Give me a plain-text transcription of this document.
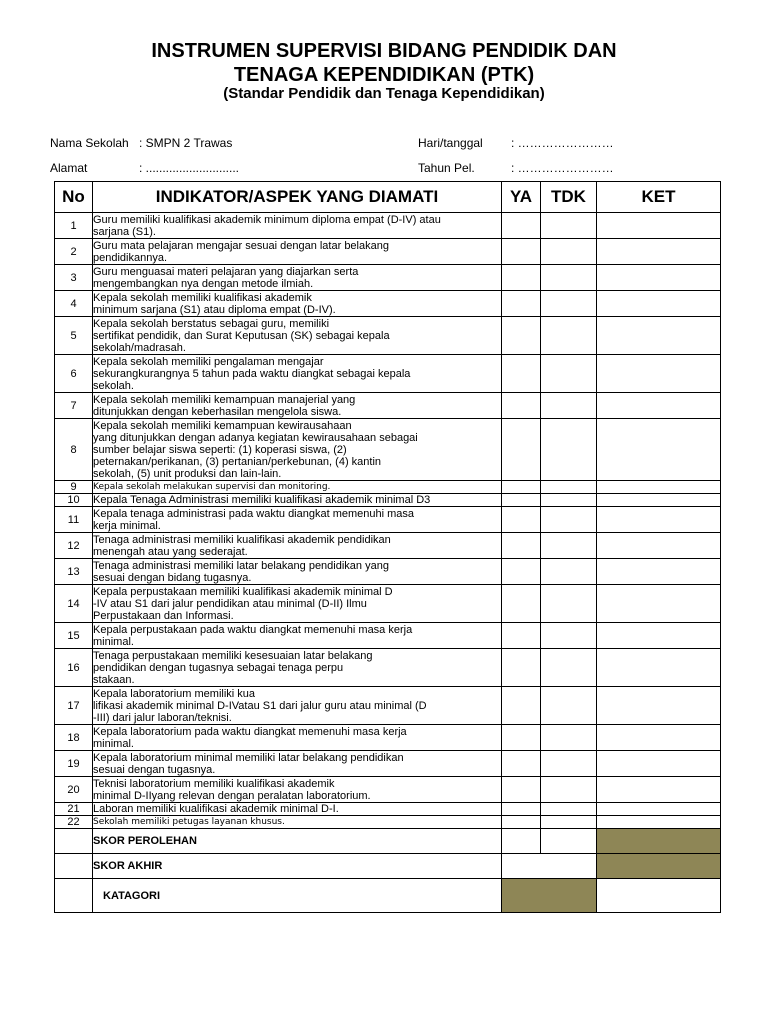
INSTRUMEN SUPERVISI BIDANG PENDIDIK DAN
TENAGA KEPENDIDIKAN (PTK)
(Standar Pendidik dan Tenaga Kependidikan)
Nama Sekolah : SMPN 2 Trawas	Hari/tanggal : ……………………
Alamat	: ............................	Tahun Pel.	: ……………………
No	INDIKATOR/ASPEK YANG DIAMATI	YA	TDK	KET
1	Guru memiliki kualifikasi akademik minimum diploma empat (D-IV) atau
sarjana (S1).			

2	Guru mata pelajaran mengajar sesuai dengan latar belakang
pendidikannya.			

3	Guru menguasai materi pelajaran yang diajarkan serta
mengembangkan nya dengan metode ilmiah.			

4	Kepala sekolah memiliki kualifikasi akademik
minimum sarjana (S1) atau diploma empat (D-IV).			

5	Kepala sekolah berstatus sebagai guru, memiliki
sertifikat pendidik, dan Surat Keputusan (SK) sebagai kepala
sekolah/madrasah.			

6	Kepala sekolah memiliki pengalaman mengajar
sekurangkurangnya 5 tahun pada waktu diangkat sebagai kepala
sekolah.			

7	Kepala sekolah memiliki kemampuan manajerial yang
ditunjukkan dengan keberhasilan mengelola siswa.			

8	Kepala sekolah memiliki kemampuan kewirausahaan
yang ditunjukkan dengan adanya kegiatan kewirausahaan sebagai
sumber belajar siswa seperti: (1) koperasi siswa, (2)
peternakan/perikanan, (3) pertanian/perkebunan, (4) kantin
sekolah, (5) unit produksi dan lain-lain.			

9	Kepala sekolah melakukan supervisi dan monitoring.			

10	Kepala Tenaga Administrasi memiliki kualifikasi akademik minimal D3			

11	Kepala tenaga administrasi pada waktu diangkat memenuhi masa
kerja minimal.			

12	Tenaga administrasi memiliki kualifikasi akademik pendidikan
menengah atau yang sederajat.			

13	Tenaga administrasi memiliki latar belakang pendidikan yang
sesuai dengan bidang tugasnya.			

14	Kepala perpustakaan memiliki kualifikasi akademik minimal D
-IV atau S1 dari jalur pendidikan atau minimal (D-II) Ilmu
Perpustakaan dan Informasi.			

15	Kepala perpustakaan pada waktu diangkat memenuhi masa kerja
minimal.			

16	Tenaga perpustakaan memiliki kesesuaian latar belakang
pendidikan dengan tugasnya sebagai tenaga perpu
stakaan.			

17	Kepala laboratorium memiliki kua
lifikasi akademik minimal D-IVatau S1 dari jalur guru atau minimal (D
-III) dari jalur laboran/teknisi.			

18	Kepala laboratorium pada waktu diangkat memenuhi masa kerja
minimal.			

19	Kepala laboratorium minimal memiliki latar belakang pendidikan
sesuai dengan tugasnya.			

20	Teknisi laboratorium memiliki kualifikasi akademik
minimal D-IIyang relevan dengan peralatan laboratorium.			

21	Laboran memiliki kualifikasi akademik minimal D-I.			

22	Sekolah memiliki petugas layanan khusus.			

	SKOR PEROLEHAN			
	SKOR AKHIR			
	KATAGORI			
